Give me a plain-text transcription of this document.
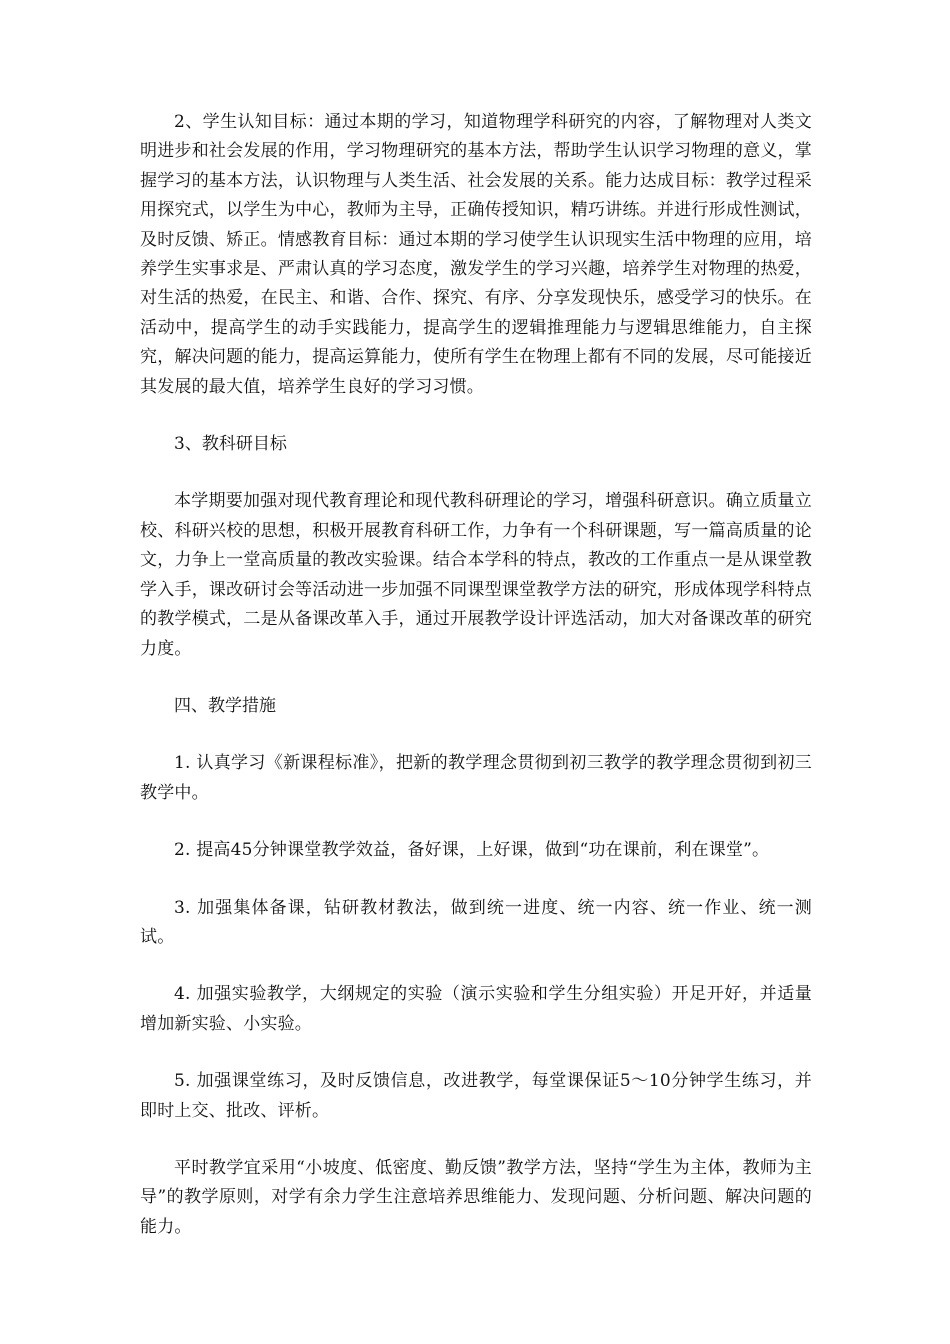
2、学生认知目标：通过本期的学习，知道物理学科研究的内容，了解物理对人类文明进步和社会发展的作用，学习物理研究的基本方法，帮助学生认识学习物理的意义，掌握学习的基本方法，认识物理与人类生活、社会发展的关系。能力达成目标：教学过程采用探究式，以学生为中心，教师为主导，正确传授知识，精巧讲练。并进行形成性测试，及时反馈、矫正。情感教育目标：通过本期的学习使学生认识现实生活中物理的应用，培养学生实事求是、严肃认真的学习态度，激发学生的学习兴趣，培养学生对物理的热爱，对生活的热爱，在民主、和谐、合作、探究、有序、分享发现快乐，感受学习的快乐。在活动中，提高学生的动手实践能力，提高学生的逻辑推理能力与逻辑思维能力，自主探究，解决问题的能力，提高运算能力，使所有学生在物理上都有不同的发展，尽可能接近其发展的最大值，培养学生良好的学习习惯。

3、教科研目标

本学期要加强对现代教育理论和现代教科研理论的学习，增强科研意识。确立质量立校、科研兴校的思想，积极开展教育科研工作，力争有一个科研课题，写一篇高质量的论文，力争上一堂高质量的教改实验课。结合本学科的特点，教改的工作重点一是从课堂教学入手，课改研讨会等活动进一步加强不同课型课堂教学方法的研究，形成体现学科特点的教学模式，二是从备课改革入手，通过开展教学设计评选活动，加大对备课改革的研究力度。

四、教学措施

1. 认真学习《新课程标准》，把新的教学理念贯彻到初三教学的教学理念贯彻到初三教学中。

2. 提高45分钟课堂教学效益，备好课，上好课，做到“功在课前，利在课堂”。

3. 加强集体备课，钻研教材教法，做到统一进度、统一内容、统一作业、统一测试。

4. 加强实验教学，大纲规定的实验（演示实验和学生分组实验）开足开好，并适量增加新实验、小实验。

5. 加强课堂练习，及时反馈信息，改进教学，每堂课保证5～10分钟学生练习，并即时上交、批改、评析。

平时教学宜采用“小坡度、低密度、勤反馈”教学方法，坚持“学生为主体，教师为主导”的教学原则，对学有余力学生注意培养思维能力、发现问题、分析问题、解决问题的能力。
